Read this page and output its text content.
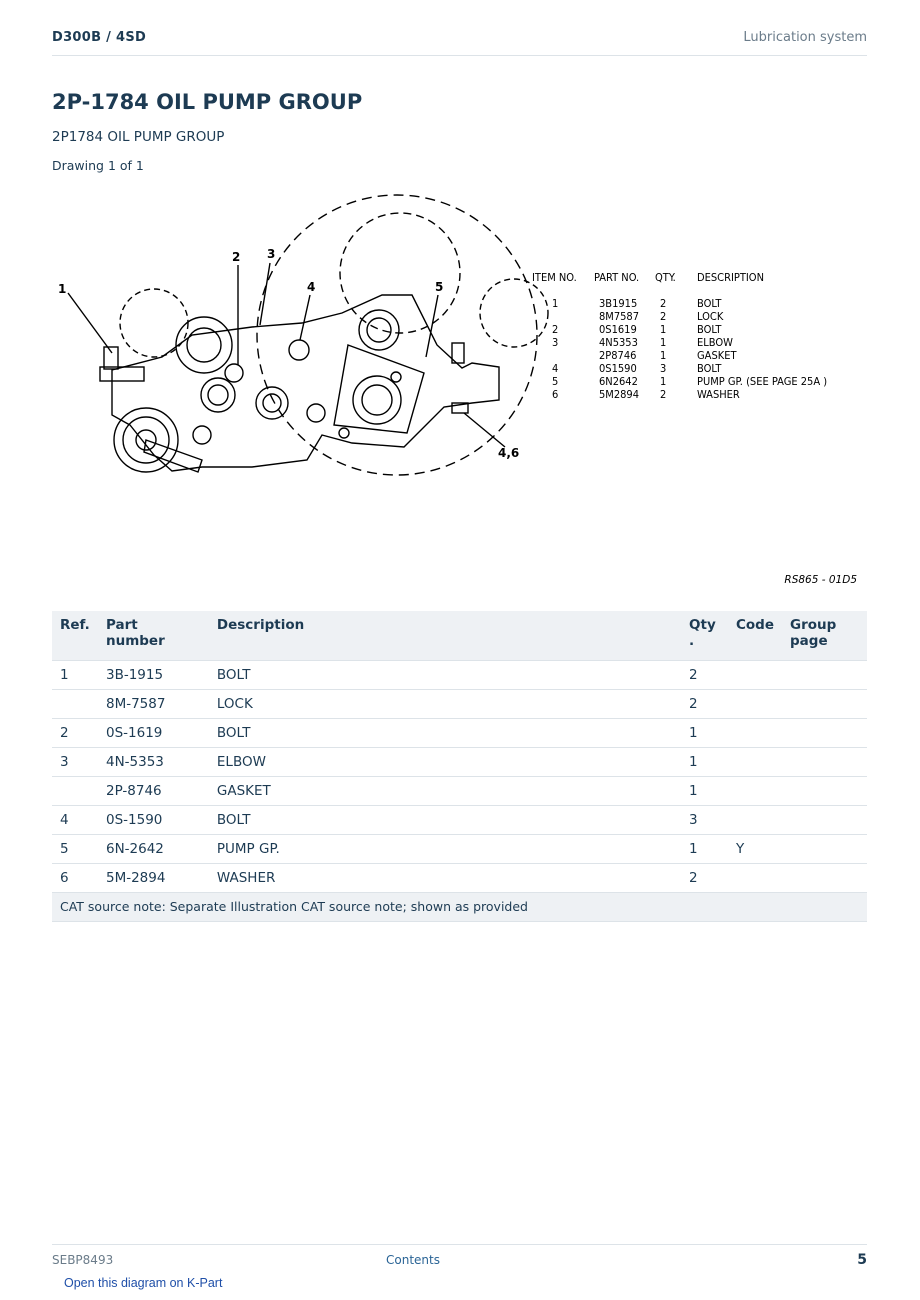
D300B / 4SD	Lubrication system
2P-1784 OIL PUMP GROUP
2P1784 OIL PUMP GROUP
Drawing 1 of 1
1
2 3
4	5
4,6
ITEM NO. PART NO. QTY. DESCRIPTION
1	3B1915 2	BOLT
8M7587 2	LOCK
2	0S1619 1	BOLT
3	4N5353 1	ELBOW
2P8746 1	GASKET
4	0S1590 3	BOLT
5	6N2642 1	PUMP GP. (SEE PAGE 25A )
6	5M2894 2	WASHER
RS865 - 01D5
Ref.	Part number	Description	Qty .	Code	Group page
1	3B-1915	BOLT	2		
	8M-7587	LOCK	2		
2	0S-1619	BOLT	1		
3	4N-5353	ELBOW	1		
	2P-8746	GASKET	1		
4	0S-1590	BOLT	3		
5	6N-2642	PUMP GP.	1	Y	
6	5M-2894	WASHER	2		
CAT source note: Separate Illustration CAT source note; shown as provided					
SEBP8493	Contents	5
Open this diagram on K-Part
